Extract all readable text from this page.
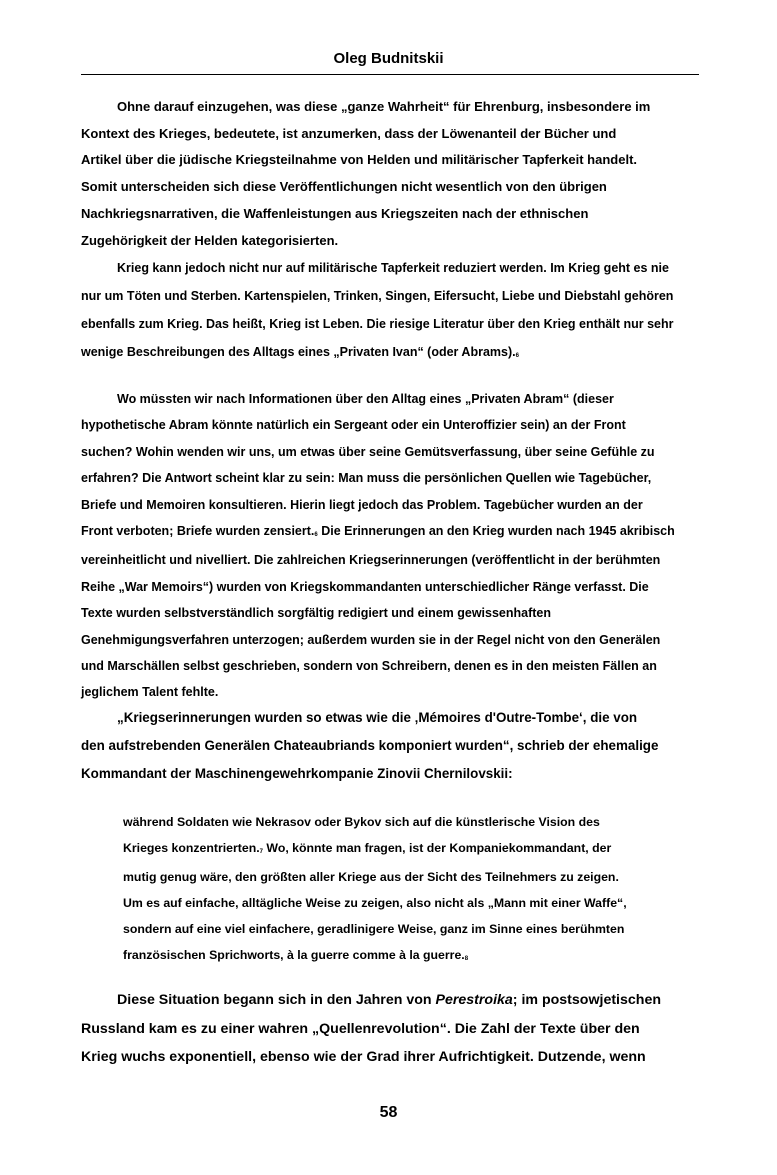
Oleg Budnitskii
Ohne darauf einzugehen, was diese „ganze Wahrheit“ für Ehrenburg, insbesondere im
Kontext des Krieges, bedeutete, ist anzumerken, dass der Löwenanteil der Bücher und
Artikel über die jüdische Kriegsteilnahme von Helden und militärischer Tapferkeit handelt.
Somit unterscheiden sich diese Veröffentlichungen nicht wesentlich von den übrigen
Nachkriegsnarrativen, die Waffenleistungen aus Kriegszeiten nach der ethnischen
Zugehörigkeit der Helden kategorisierten.
Krieg kann jedoch nicht nur auf militärische Tapferkeit reduziert werden. Im Krieg geht es nie
nur um Töten und Sterben. Kartenspielen, Trinken, Singen, Eifersucht, Liebe und Diebstahl gehören
ebenfalls zum Krieg. Das heißt, Krieg ist Leben. Die riesige Literatur über den Krieg enthält nur sehr
wenige Beschreibungen des Alltags eines „Privaten Ivan“ (oder Abrams).$^6$
Wo müssten wir nach Informationen über den Alltag eines „Privaten Abram“ (dieser
hypothetische Abram könnte natürlich ein Sergeant oder ein Unteroffizier sein) an der Front
suchen? Wohin wenden wir uns, um etwas über seine Gemütsverfassung, über seine Gefühle zu
erfahren? Die Antwort scheint klar zu sein: Man muss die persönlichen Quellen wie Tagebücher,
Briefe und Memoiren konsultieren. Hierin liegt jedoch das Problem. Tagebücher wurden an der
Front verboten; Briefe wurden zensiert.$^6$ Die Erinnerungen an den Krieg wurden nach 1945 akribisch
vereinheitlicht und nivelliert. Die zahlreichen Kriegserinnerungen (veröffentlicht in der berühmten
Reihe „War Memoirs“) wurden von Kriegskommandanten unterschiedlicher Ränge verfasst. Die
Texte wurden selbstverständlich sorgfältig redigiert und einem gewissenhaften
Genehmigungsverfahren unterzogen; außerdem wurden sie in der Regel nicht von den Generälen
und Marschällen selbst geschrieben, sondern von Schreibern, denen es in den meisten Fällen an
jeglichem Talent fehlte.
„Kriegserinnerungen wurden so etwas wie die ‚Mémoires d'Outre-Tombe‘, die von
den aufstrebenden Generälen Chateaubriands komponiert wurden“, schrieb der ehemalige
Kommandant der Maschinengewehrkompanie Zinovii Chernilovskii:
während Soldaten wie Nekrasov oder Bykov sich auf die künstlerische Vision des
Krieges konzentrierten.$^7$ Wo, könnte man fragen, ist der Kompaniekommandant, der
mutig genug wäre, den größten aller Kriege aus der Sicht des Teilnehmers zu zeigen.
Um es auf einfache, alltägliche Weise zu zeigen, also nicht als „Mann mit einer Waffe“,
sondern auf eine viel einfachere, geradlinigere Weise, ganz im Sinne eines berühmten
französischen Sprichworts, à la guerre comme à la guerre.$^8$
Diese Situation begann sich in den Jahren von Perestroika; im postsowjetischen
Russland kam es zu einer wahren „Quellenrevolution“. Die Zahl der Texte über den
Krieg wuchs exponentiell, ebenso wie der Grad ihrer Aufrichtigkeit. Dutzende, wenn
58
